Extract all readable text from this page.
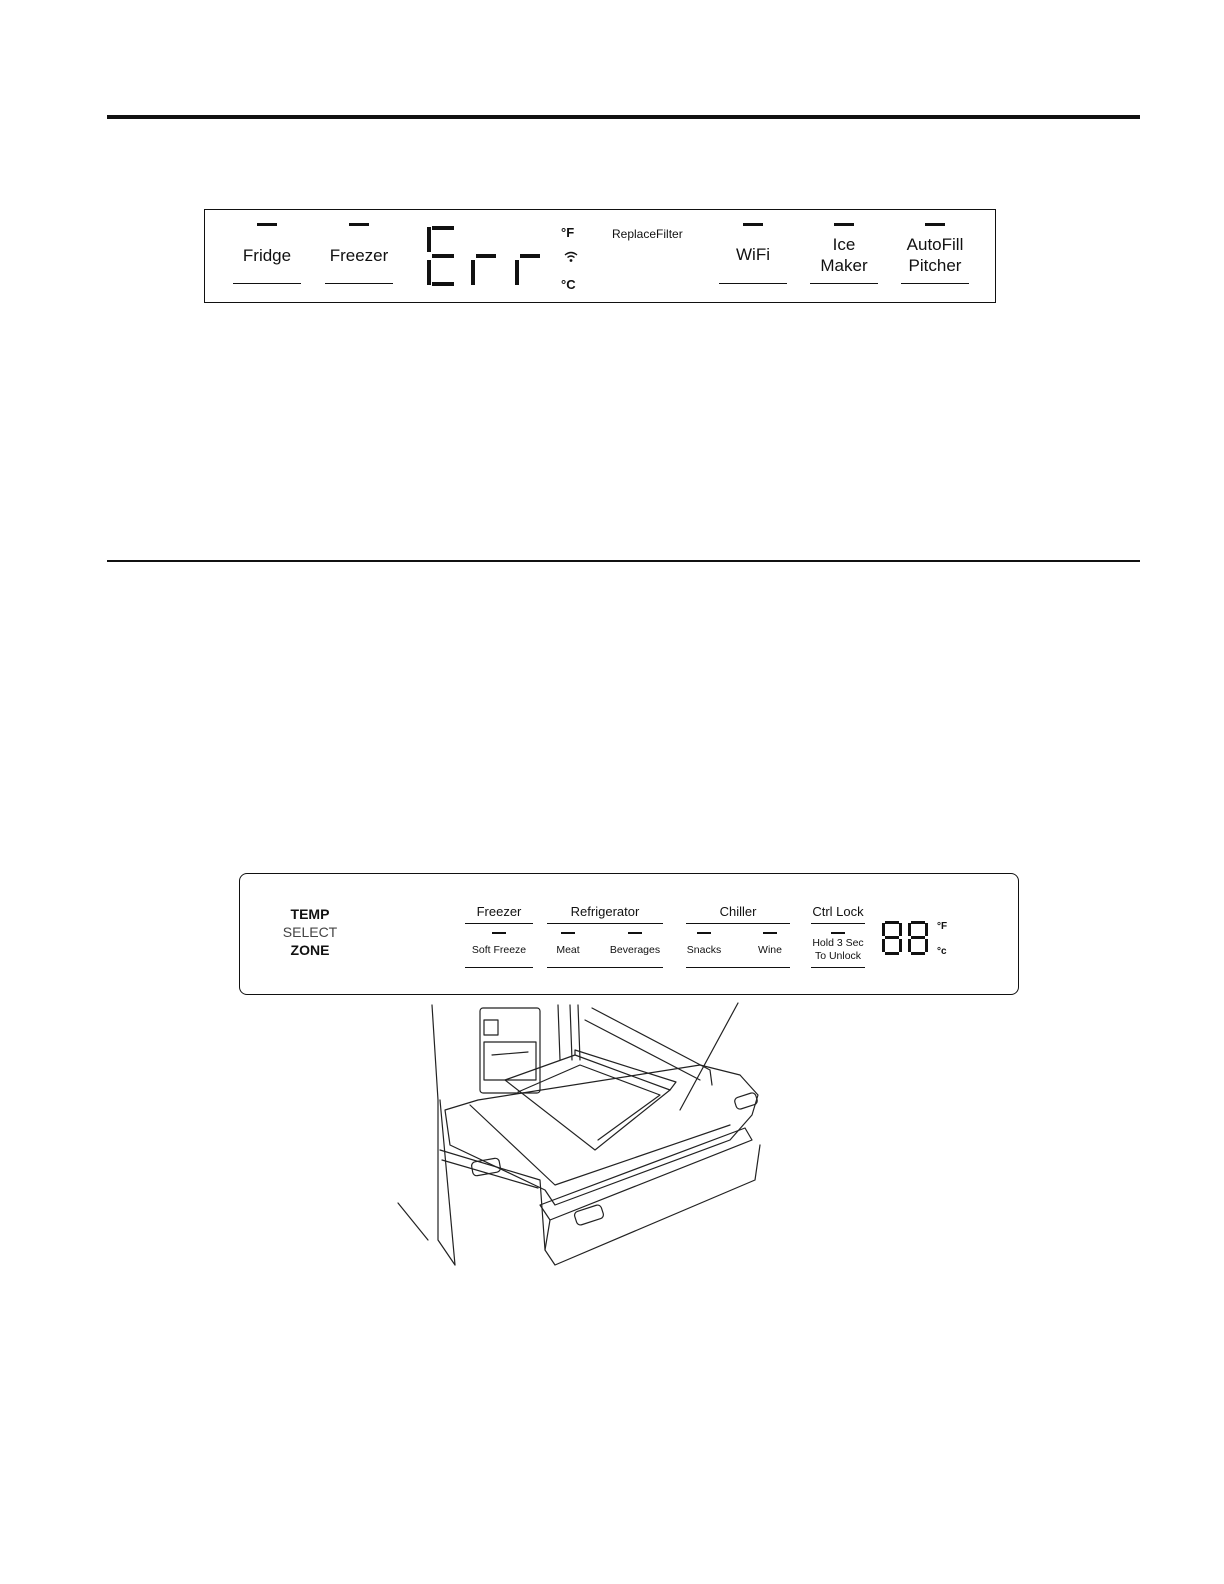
Fridge	Freezer
°F
°C
ReplaceFilter
WiFi
Ice
Maker
AutoFill
Pitcher
TEMP
SELECT
ZONE
Freezer
Soft Freeze
Refrigerator
Meat	Beverages
Chiller
Snacks	Wine
Ctrl Lock
Hold 3 Sec
To Unlock
°F
°c
